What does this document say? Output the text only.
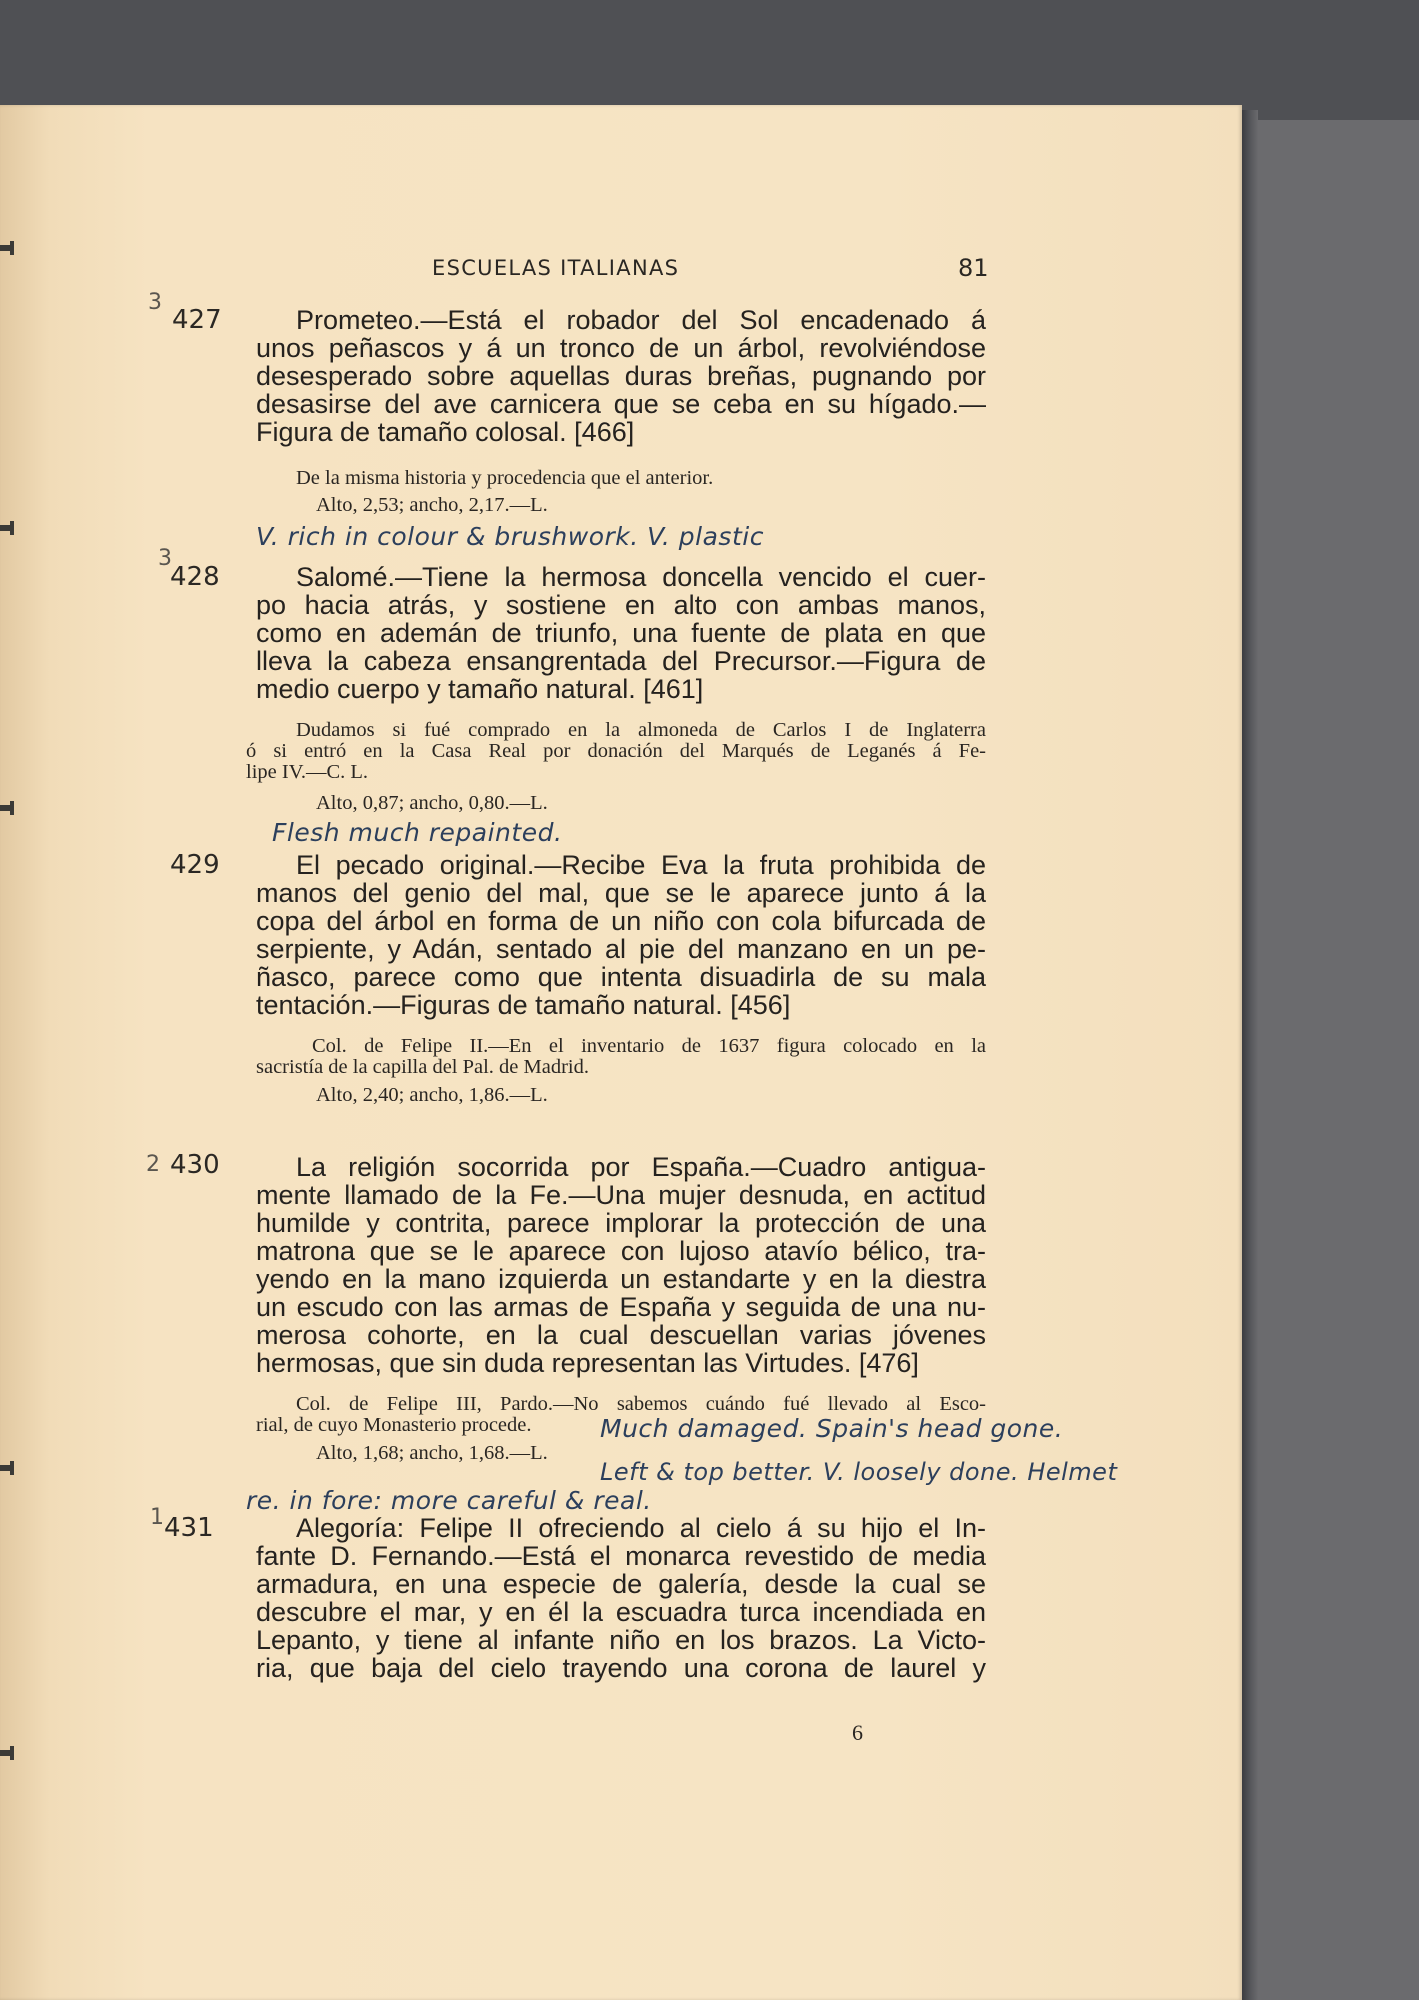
ESCUELAS ITALIANAS	81
3
427	Prometeo.—Está el robador del Sol encadenado á
unos peñascos y á un tronco de un árbol, revolviéndose
desesperado sobre aquellas duras breñas, pugnando por
desasirse del ave carnicera que se ceba en su hígado.—
Figura de tamaño colosal. [466]
De la misma historia y procedencia que el anterior.
Alto, 2,53; ancho, 2,17.—L.
V. rich in colour & brushwork. V. plastic
3
428	Salomé.—Tiene la hermosa doncella vencido el cuer-
po hacia atrás, y sostiene en alto con ambas manos,
como en ademán de triunfo, una fuente de plata en que
lleva la cabeza ensangrentada del Precursor.—Figura de
medio cuerpo y tamaño natural. [461]
Dudamos si fué comprado en la almoneda de Carlos I de Inglaterra
ó si entró en la Casa Real por donación del Marqués de Leganés á Fe-
lipe IV.—C. L.
Alto, 0,87; ancho, 0,80.—L.
Flesh much repainted.
429	El pecado original.—Recibe Eva la fruta prohibida de
manos del genio del mal, que se le aparece junto á la
copa del árbol en forma de un niño con cola bifurcada de
serpiente, y Adán, sentado al pie del manzano en un pe-
ñasco, parece como que intenta disuadirla de su mala
tentación.—Figuras de tamaño natural. [456]
Col. de Felipe II.—En el inventario de 1637 figura colocado en la
sacristía de la capilla del Pal. de Madrid.
Alto, 2,40; ancho, 1,86.—L.
2 430	La religión socorrida por España.—Cuadro antigua-
mente llamado de la Fe.—Una mujer desnuda, en actitud
humilde y contrita, parece implorar la protección de una
matrona que se le aparece con lujoso atavío bélico, tra-
yendo en la mano izquierda un estandarte y en la diestra
un escudo con las armas de España y seguida de una nu-
merosa cohorte, en la cual descuellan varias jóvenes
hermosas, que sin duda representan las Virtudes. [476]
Col. de Felipe III, Pardo.—No sabemos cuándo fué llevado al Esco-
rial, de cuyo Monasterio procede.
Alto, 1,68; ancho, 1,68.—L.
Much damaged. Spain's head gone.
Left & top better. V. loosely done. Helmet
re. in fore: more careful & real.
1 431	Alegoría: Felipe II ofreciendo al cielo á su hijo el In-
fante D. Fernando.—Está el monarca revestido de media
armadura, en una especie de galería, desde la cual se
descubre el mar, y en él la escuadra turca incendiada en
Lepanto, y tiene al infante niño en los brazos. La Victo-
ria, que baja del cielo trayendo una corona de laurel y
6
